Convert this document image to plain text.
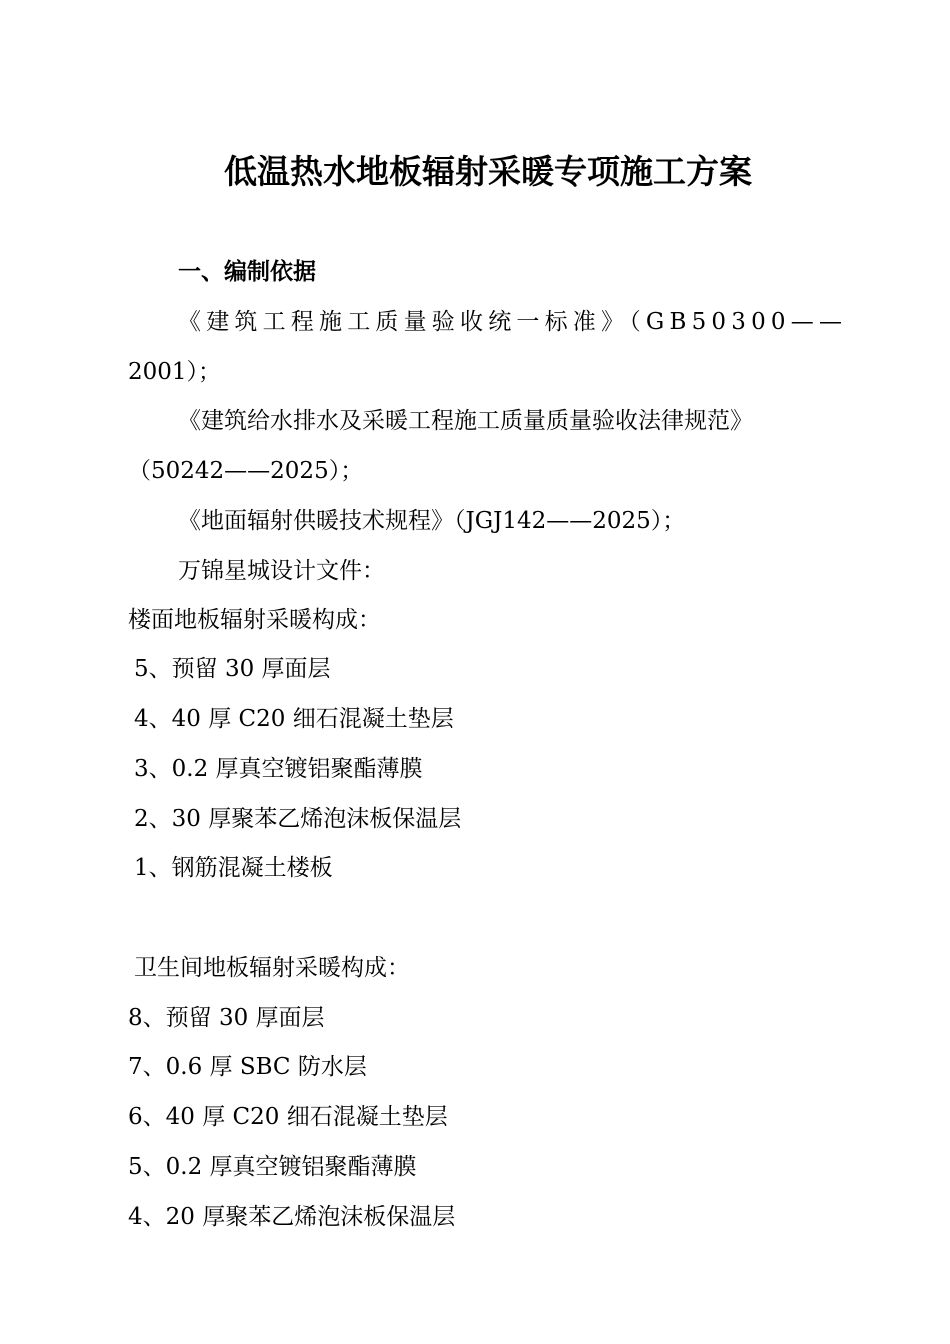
低温热水地板辐射采暖专项施工方案
一、编制依据
《建筑工程施工质量验收统一标准》（GB50300——
2001）；
《建筑给水排水及采暖工程施工质量质量验收法律规范》
（50242——2025）；
《地面辐射供暖技术规程》（JGJ142——2025）；
万锦星城设计文件：
楼面地板辐射采暖构成：
5、预留 30 厚面层
4、40 厚 C20 细石混凝土垫层
3、0.2 厚真空镀铝聚酯薄膜
2、30 厚聚苯乙烯泡沫板保温层
1、钢筋混凝土楼板
卫生间地板辐射采暖构成：
8、预留 30 厚面层
7、0.6 厚 SBC 防水层
6、40 厚 C20 细石混凝土垫层
5、0.2 厚真空镀铝聚酯薄膜
4、20 厚聚苯乙烯泡沫板保温层
